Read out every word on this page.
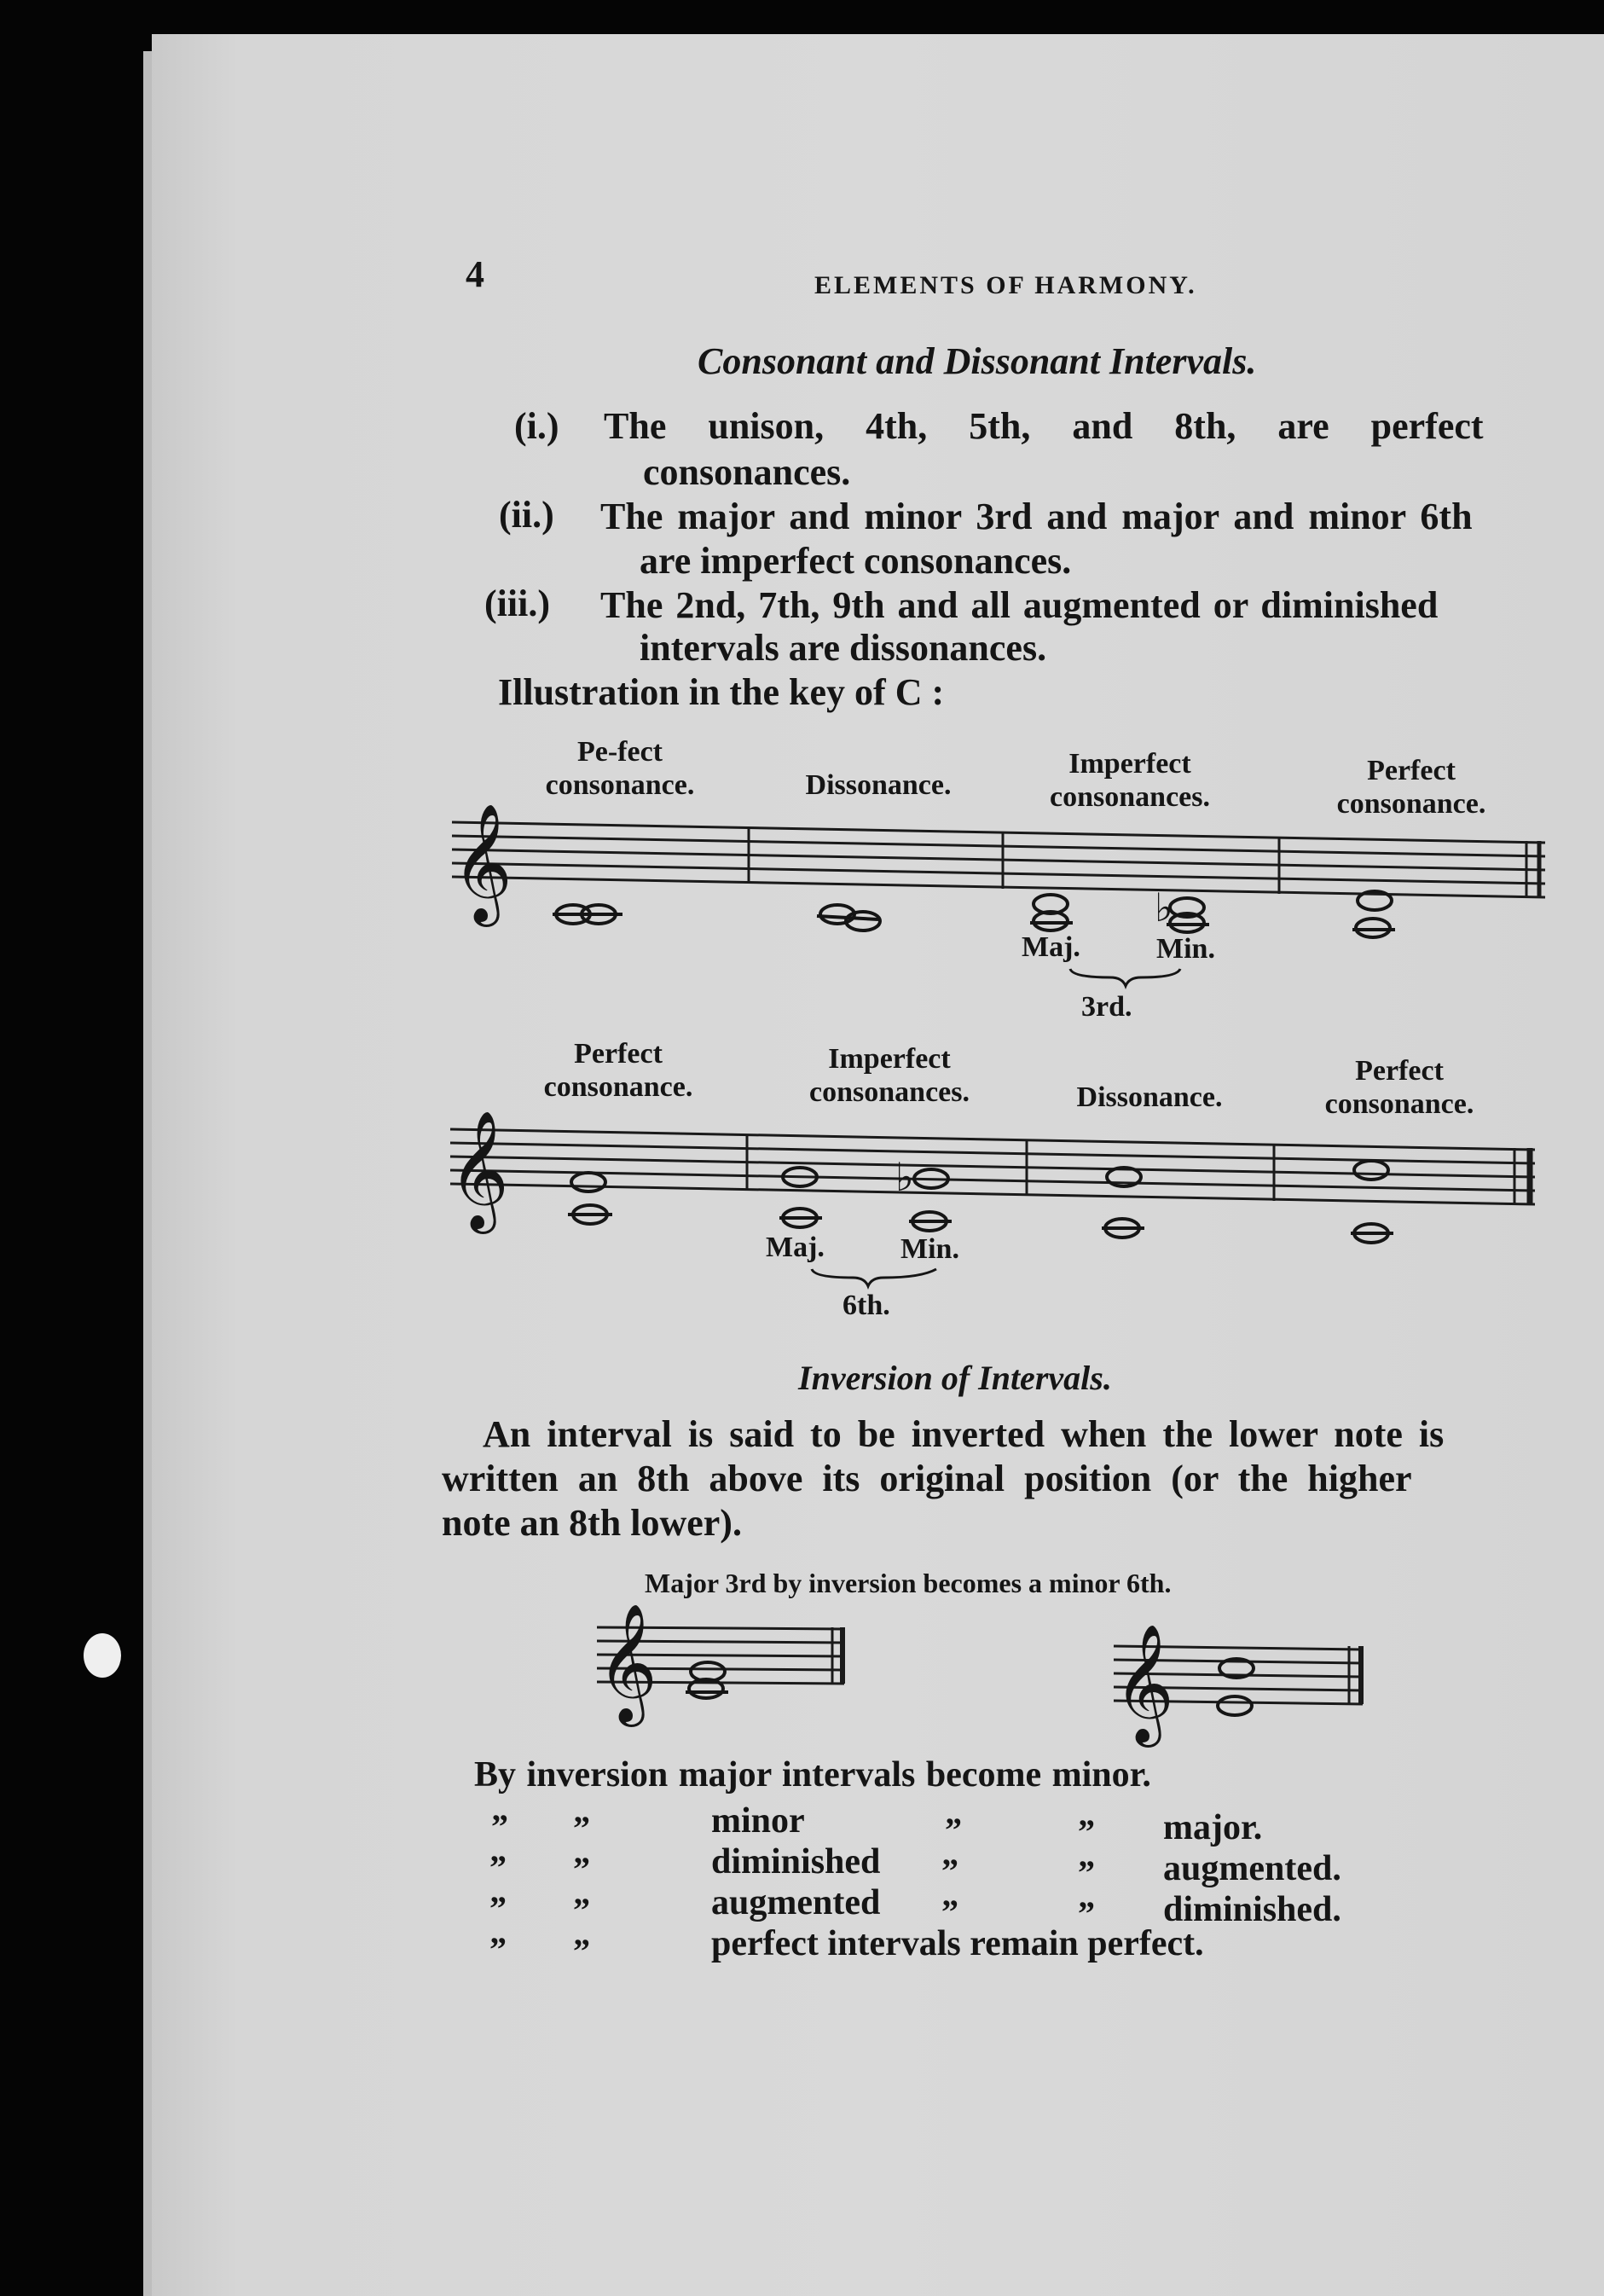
4	ELEMENTS OF HARMONY.
Consonant and Dissonant Intervals.
(i.) The unison, 4th, 5th, and 8th, are perfect
consonances.
(ii.) The major and minor 3rd and major and minor 6th
are imperfect consonances.
(iii.) The 2nd, 7th, 9th and all augmented or diminished
intervals are dissonances.
Illustration in the key of C :
Pe-fect
consonance.
	Dissonance.
Imperfect
consonances.
Perfect
consonance.
𝄞	♭
Maj.	Min.
3rd.
Perfect
consonance.
Imperfect
consonances.
	Dissonance.
Perfect
consonance.
𝄞	♭
Maj.	Min.
6th.
Inversion of Intervals.
An interval is said to be inverted when the lower note is
written an 8th above its original position (or the higher
note an 8th lower).
Major 3rd by inversion becomes a minor 6th.
𝄞	𝄞
By inversion major intervals become minor.
” ”	minor	”	” major.
” ”	diminished ”	” augmented.
” ”	augmented ”	” diminished.
” ”	perfect intervals remain perfect.
